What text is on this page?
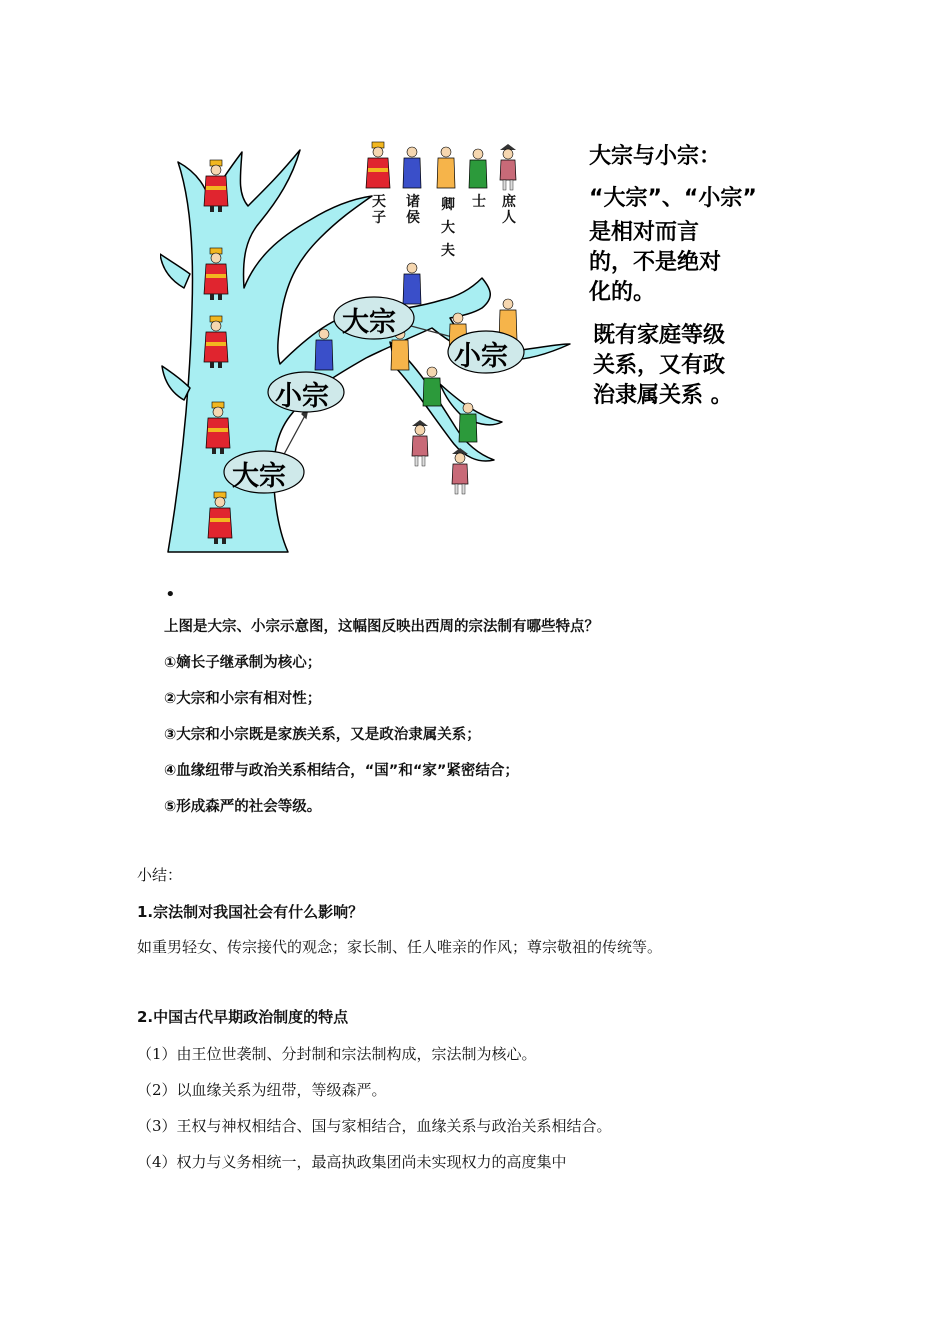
天子
诸侯
卿大夫
士 庶人
大宗
小宗
小宗
大宗
大宗与小宗：
“大宗”、“小宗”
是相对而言
的，不是绝对
化的。
既有家庭等级
关系，又有政
治隶属关系 。
•
上图是大宗、小宗示意图，这幅图反映出西周的宗法制有哪些特点？
①嫡长子继承制为核心；
②大宗和小宗有相对性；
③大宗和小宗既是家族关系，又是政治隶属关系；
④血缘纽带与政治关系相结合，“国”和“家”紧密结合；
⑤形成森严的社会等级。
小结：
1.宗法制对我国社会有什么影响？
如重男轻女、传宗接代的观念；家长制、任人唯亲的作风；尊宗敬祖的传统等。
2.中国古代早期政治制度的特点
（1）由王位世袭制、分封制和宗法制构成，宗法制为核心。
（2）以血缘关系为纽带，等级森严。
（3）王权与神权相结合、国与家相结合，血缘关系与政治关系相结合。
（4）权力与义务相统一，最高执政集团尚未实现权力的高度集中
